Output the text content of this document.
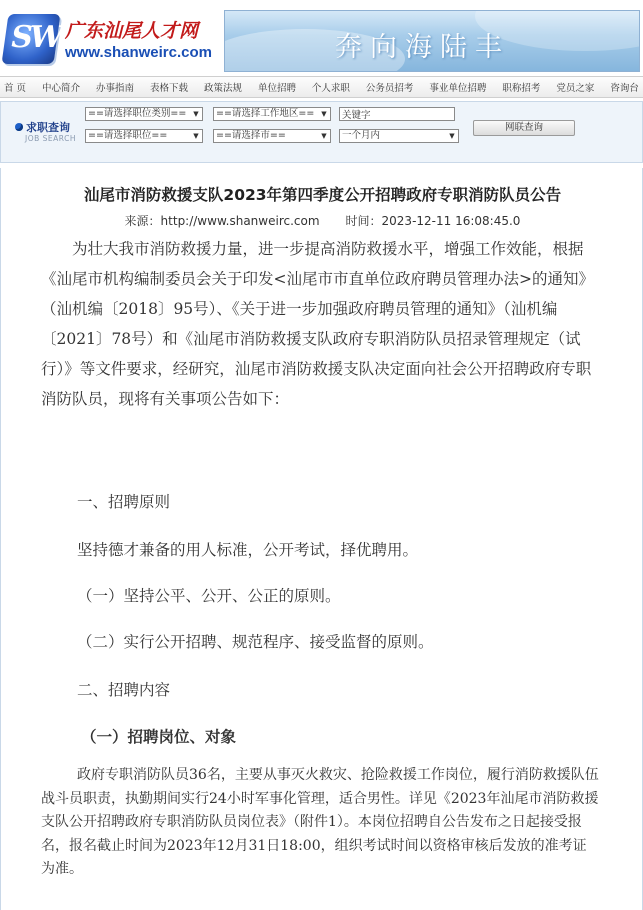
SW 广东汕尾人才网
www.shanweirc.com	奔向海陆丰
首 页 中心简介 办事指南 表格下载 政策法规 单位招聘 个人求职 公务员招考 事业单位招聘 职称招考 党员之家 咨询台
求职查询
JOB SEARCH
==请选择职位类别== ▼	==请选择工作地区== ▼
关键字
==请选择职位==	▼	==请选择市==	▼	一个月内	▼
网联查询
汕尾市消防救援支队2023年第四季度公开招聘政府专职消防队员公告
来源：http://www.shanweirc.com 时间：2023-12-11 16:08:45.0
为壮大我市消防救援力量，进一步提高消防救援水平，增强工作效能，根据《汕尾市机构编制委员会关于印发<汕尾市市直单位政府聘员管理办法>的通知》（汕机编〔2018〕95号）、《关于进一步加强政府聘员管理的通知》（汕机编〔2021〕78号）和《汕尾市消防救援支队政府专职消防队员招录管理规定（试行）》等文件要求，经研究，汕尾市消防救援支队决定面向社会公开招聘政府专职消防队员，现将有关事项公告如下：
一、招聘原则
坚持德才兼备的用人标准，公开考试，择优聘用。
（一）坚持公平、公开、公正的原则。
（二）实行公开招聘、规范程序、接受监督的原则。
二、招聘内容
（一）招聘岗位、对象
政府专职消防队员36名，主要从事灭火救灾、抢险救援工作岗位，履行消防救援队伍战斗员职责，执勤期间实行24小时军事化管理，适合男性。详见《2023年汕尾市消防救援支队公开招聘政府专职消防队员岗位表》（附件1）。本岗位招聘自公告发布之日起接受报名，报名截止时间为2023年12月31日18:00，组织考试时间以资格审核后发放的准考证为准。
